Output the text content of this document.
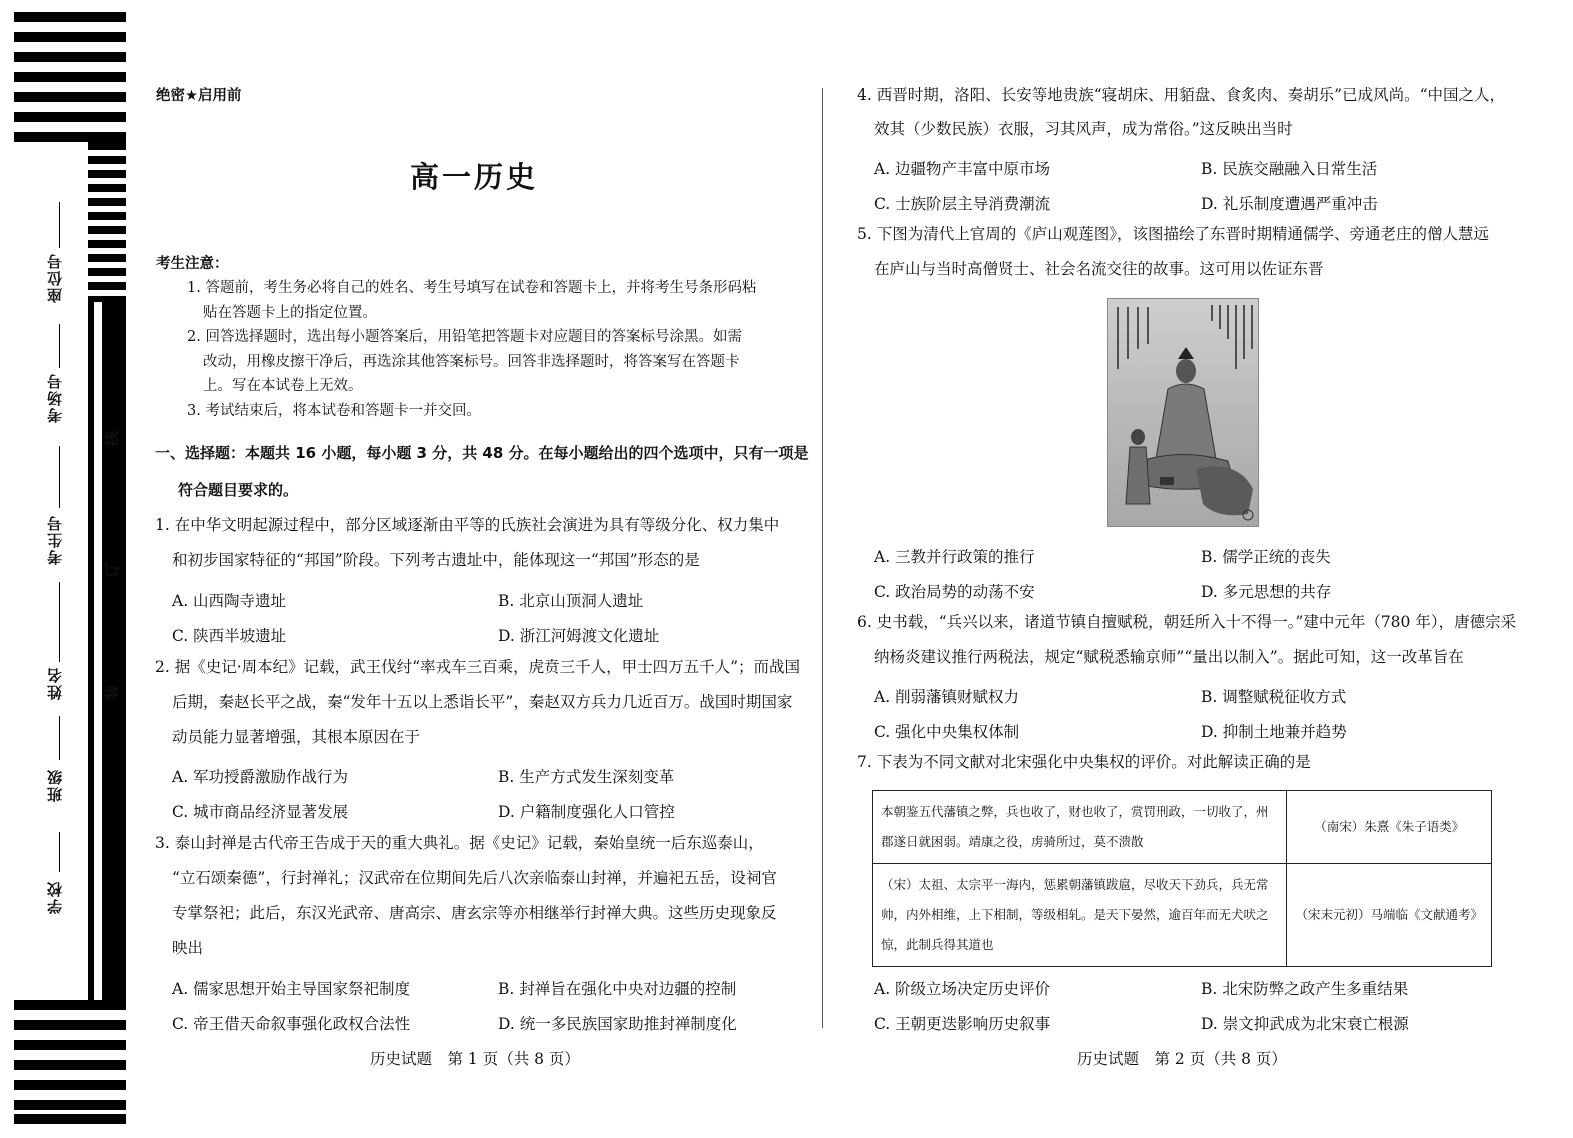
学校
班级
姓名
考生号
考场号
座位号
线
订
装
绝密★启用前
高一历史
考生注意：
1. 答题前，考生务必将自己的姓名、考生号填写在试卷和答题卡上，并将考生号条形码粘
贴在答题卡上的指定位置。
2. 回答选择题时，选出每小题答案后，用铅笔把答题卡对应题目的答案标号涂黑。如需
改动，用橡皮擦干净后，再选涂其他答案标号。回答非选择题时，将答案写在答题卡
上。写在本试卷上无效。
3. 考试结束后，将本试卷和答题卡一并交回。
一、选择题：本题共 16 小题，每小题 3 分，共 48 分。在每小题给出的四个选项中，只有一项是
符合题目要求的。
1. 在中华文明起源过程中，部分区域逐渐由平等的氏族社会演进为具有等级分化、权力集中
和初步国家特征的“邦国”阶段。下列考古遗址中，能体现这一“邦国”形态的是
A. 山西陶寺遗址	B. 北京山顶洞人遗址
C. 陕西半坡遗址	D. 浙江河姆渡文化遗址
2. 据《史记·周本纪》记载，武王伐纣“率戎车三百乘，虎贲三千人，甲士四万五千人”；而战国
后期，秦赵长平之战，秦“发年十五以上悉诣长平”，秦赵双方兵力几近百万。战国时期国家
动员能力显著增强，其根本原因在于
A. 军功授爵激励作战行为	B. 生产方式发生深刻变革
C. 城市商品经济显著发展	D. 户籍制度强化人口管控
3. 泰山封禅是古代帝王告成于天的重大典礼。据《史记》记载，秦始皇统一后东巡泰山，
“立石颂秦德”，行封禅礼；汉武帝在位期间先后八次亲临泰山封禅，并遍祀五岳，设祠官
专掌祭祀；此后，东汉光武帝、唐高宗、唐玄宗等亦相继举行封禅大典。这些历史现象反
映出
A. 儒家思想开始主导国家祭祀制度	B. 封禅旨在强化中央对边疆的控制
C. 帝王借天命叙事强化政权合法性	D. 统一多民族国家助推封禅制度化
历史试题　第 1 页（共 8 页）
4. 西晋时期，洛阳、长安等地贵族“寝胡床、用貊盘、食炙肉、奏胡乐”已成风尚。“中国之人，
效其（少数民族）衣服，习其风声，成为常俗。”这反映出当时
A. 边疆物产丰富中原市场	B. 民族交融融入日常生活
C. 士族阶层主导消费潮流	D. 礼乐制度遭遇严重冲击
5. 下图为清代上官周的《庐山观莲图》，该图描绘了东晋时期精通儒学、旁通老庄的僧人慧远
在庐山与当时高僧贤士、社会名流交往的故事。这可用以佐证东晋
A. 三教并行政策的推行	B. 儒学正统的丧失
C. 政治局势的动荡不安	D. 多元思想的共存
6. 史书载，“兵兴以来，诸道节镇自擅赋税，朝廷所入十不得一。”建中元年（780 年），唐德宗采
纳杨炎建议推行两税法，规定“赋税悉输京师”“量出以制入”。据此可知，这一改革旨在
A. 削弱藩镇财赋权力	B. 调整赋税征收方式
C. 强化中央集权体制	D. 抑制土地兼并趋势
7. 下表为不同文献对北宋强化中央集权的评价。对此解读正确的是
本朝鉴五代藩镇之弊，兵也收了，财也收了，赏罚刑政，一切收了，州郡遂日就困弱。靖康之役，虏骑所过，莫不溃散	（南宋）朱熹《朱子语类》
（宋）太祖、太宗平一海内，惩累朝藩镇跋扈，尽收天下劲兵，兵无常帅，内外相维，上下相制，等级相轧。是天下晏然，逾百年而无犬吠之惊，此制兵得其道也	（宋末元初）马端临《文献通考》
A. 阶级立场决定历史评价	B. 北宋防弊之政产生多重结果
C. 王朝更迭影响历史叙事	D. 崇文抑武成为北宋衰亡根源
历史试题　第 2 页（共 8 页）
